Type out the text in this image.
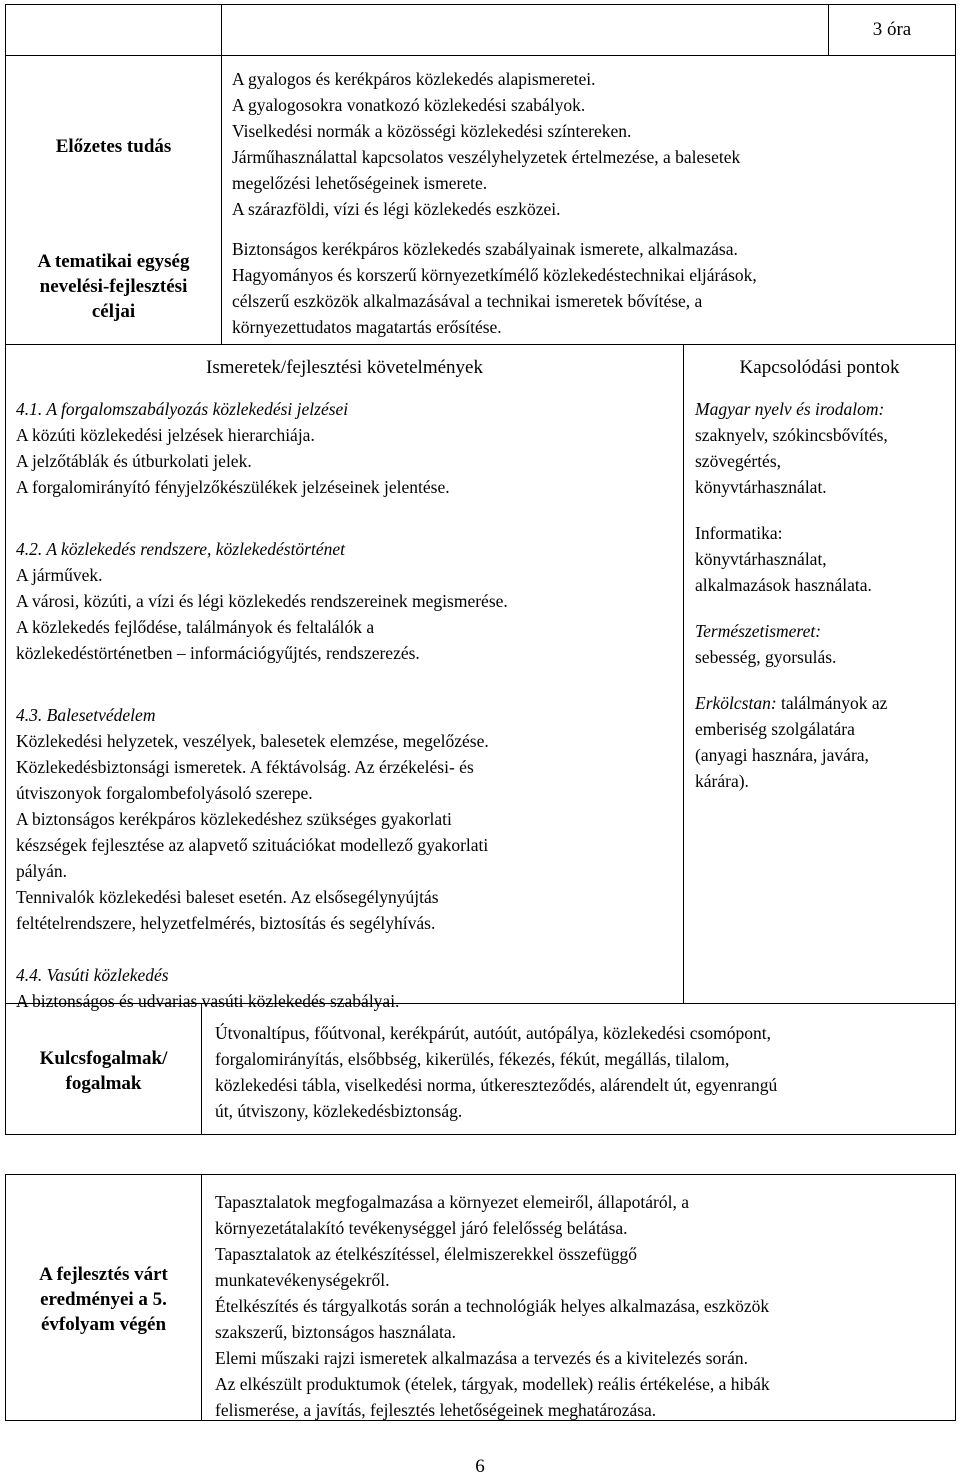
3 óra
Előzetes tudás
A gyalogos és kerékpáros közlekedés alapismeretei.
A gyalogosokra vonatkozó közlekedési szabályok.
Viselkedési normák a közösségi közlekedési színtereken.
Járműhasználattal kapcsolatos veszélyhelyzetek értelmezése, a balesetek
megelőzési lehetőségeinek ismerete.
A szárazföldi, vízi és légi közlekedés eszközei.
A tematikai egység
nevelési-fejlesztési
céljai
Biztonságos kerékpáros közlekedés szabályainak ismerete, alkalmazása.
Hagyományos és korszerű környezetkímélő közlekedéstechnikai eljárások,
célszerű eszközök alkalmazásával a technikai ismeretek bővítése, a
környezettudatos magatartás erősítése.
Ismeretek/fejlesztési követelmények	Kapcsolódási pontok
4.1. A forgalomszabályozás közlekedési jelzései
A közúti közlekedési jelzések hierarchiája.
A jelzőtáblák és útburkolati jelek.
A forgalomirányító fényjelzőkészülékek jelzéseinek jelentése.
4.2. A közlekedés rendszere, közlekedéstörténet
A járművek.
A városi, közúti, a vízi és légi közlekedés rendszereinek megismerése.
A közlekedés fejlődése, találmányok és feltalálók a
közlekedéstörténetben – információgyűjtés, rendszerezés.
4.3. Balesetvédelem
Közlekedési helyzetek, veszélyek, balesetek elemzése, megelőzése.
Közlekedésbiztonsági ismeretek. A féktávolság. Az érzékelési- és
útviszonyok forgalombefolyásoló szerepe.
A biztonságos kerékpáros közlekedéshez szükséges gyakorlati
készségek fejlesztése az alapvető szituációkat modellező gyakorlati
pályán.
Tennivalók közlekedési baleset esetén. Az elsősegélynyújtás
feltételrendszere, helyzetfelmérés, biztosítás és segélyhívás.
4.4. Vasúti közlekedés
A biztonságos és udvarias vasúti közlekedés szabályai.
Magyar nyelv és irodalom:
szaknyelv, szókincsbővítés,
szövegértés,
könyvtárhasználat.
Informatika:
könyvtárhasználat,
alkalmazások használata.
Természetismeret:
sebesség, gyorsulás.
Erkölcstan: találmányok az
emberiség szolgálatára
(anyagi hasznára, javára,
kárára).
Kulcsfogalmak/
fogalmak
Útvonaltípus, főútvonal, kerékpárút, autóút, autópálya, közlekedési csomópont,
forgalomirányítás, elsőbbség, kikerülés, fékezés, fékút, megállás, tilalom,
közlekedési tábla, viselkedési norma, útkereszteződés, alárendelt út, egyenrangú
út, útviszony, közlekedésbiztonság.
A fejlesztés várt
eredményei a 5.
évfolyam végén
Tapasztalatok megfogalmazása a környezet elemeiről, állapotáról, a
környezetátalakító tevékenységgel járó felelősség belátása.
Tapasztalatok az ételkészítéssel, élelmiszerekkel összefüggő
munkatevékenységekről.
Ételkészítés és tárgyalkotás során a technológiák helyes alkalmazása, eszközök
szakszerű, biztonságos használata.
Elemi műszaki rajzi ismeretek alkalmazása a tervezés és a kivitelezés során.
Az elkészült produktumok (ételek, tárgyak, modellek) reális értékelése, a hibák
felismerése, a javítás, fejlesztés lehetőségeinek meghatározása.
6
